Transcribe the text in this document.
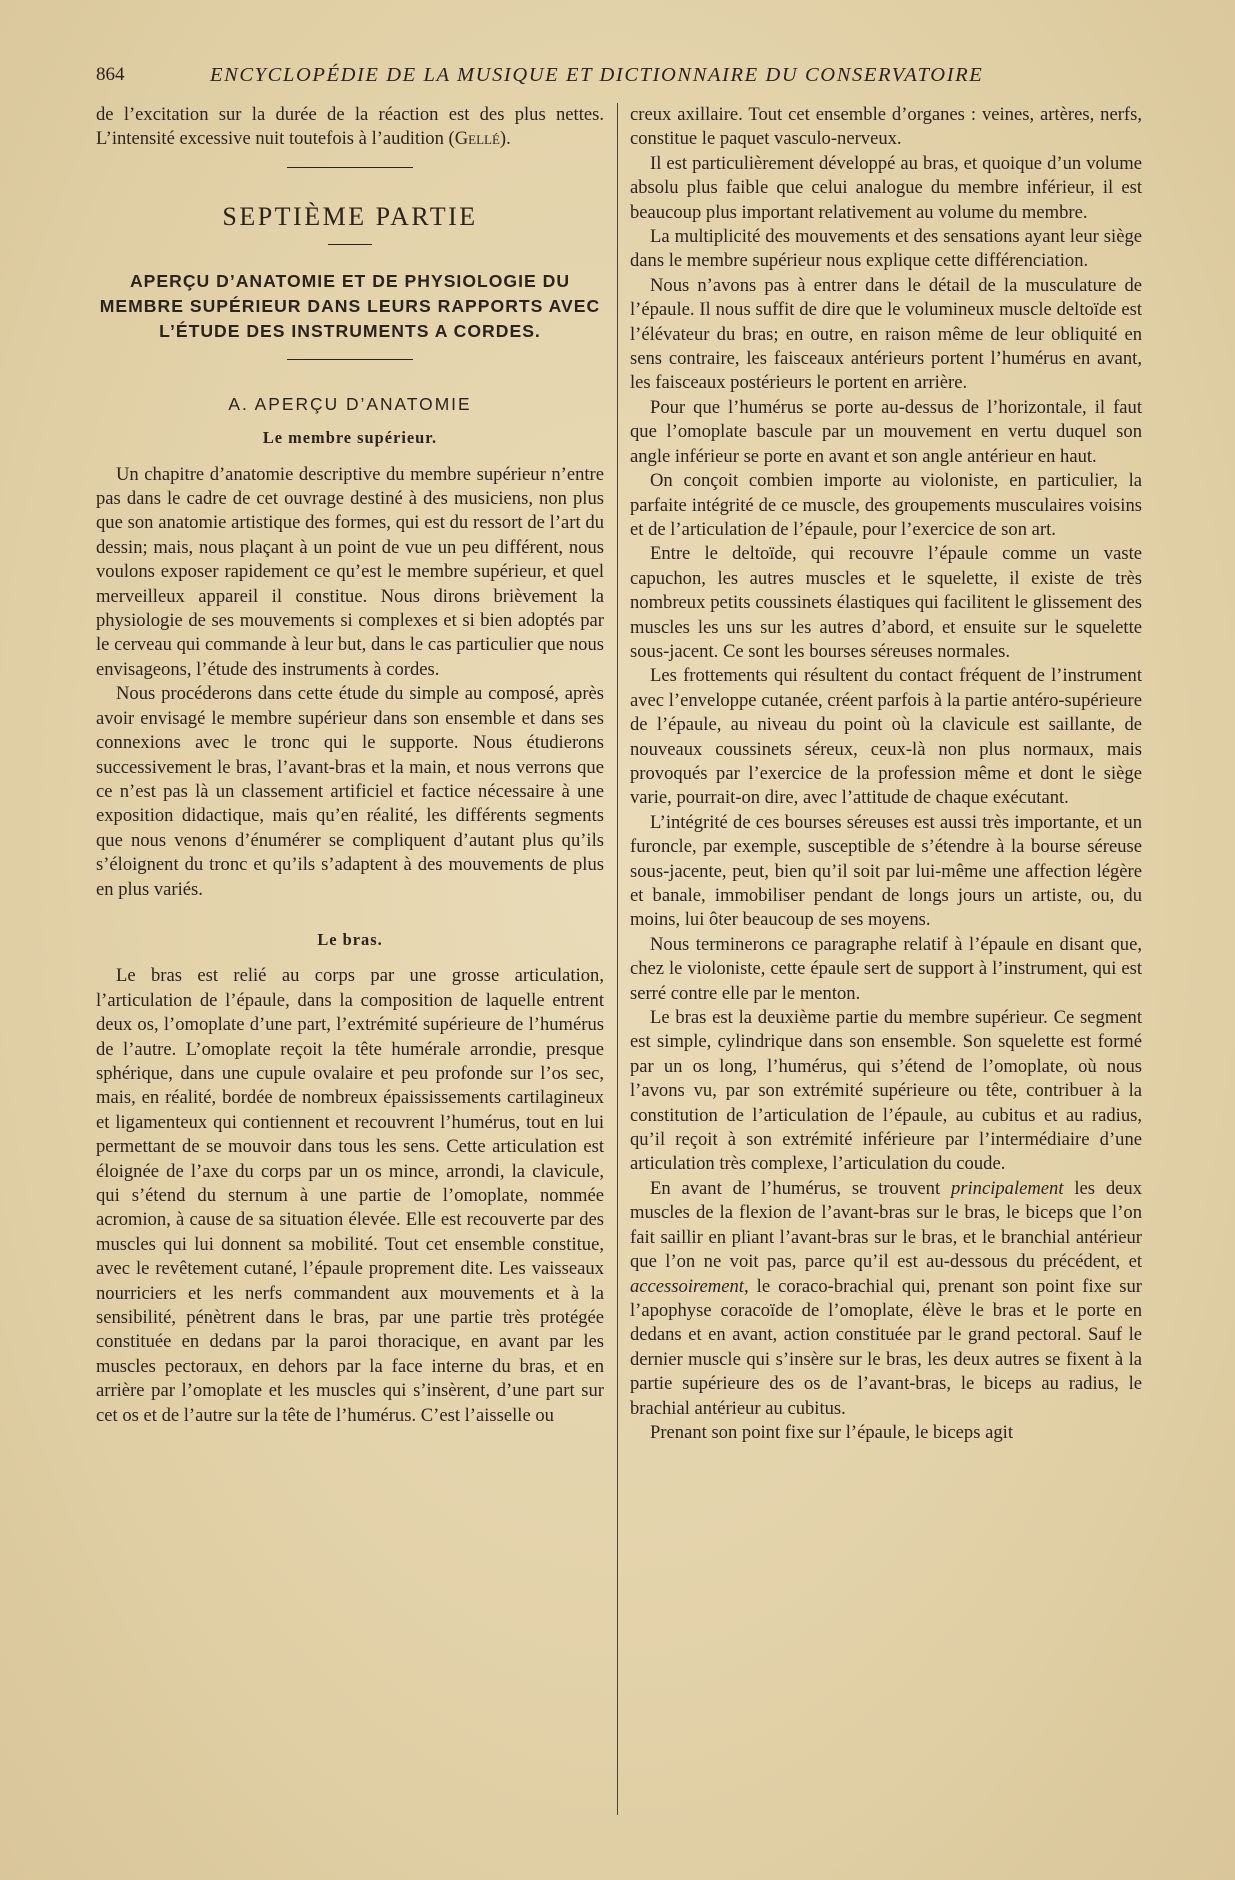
864	ENCYCLOPÉDIE DE LA MUSIQUE ET DICTIONNAIRE DU CONSERVATOIRE

de l’excitation sur la durée de la réaction est des plus nettes. L’intensité excessive nuit toutefois à l’audition (Gellé).

SEPTIÈME PARTIE
APERÇU D’ANATOMIE ET DE PHYSIOLOGIE DU MEMBRE SUPÉRIEUR DANS LEURS RAPPORTS AVEC L’ÉTUDE DES INSTRUMENTS A CORDES.
A. APERÇU D’ANATOMIE
Le membre supérieur.

Un chapitre d’anatomie descriptive du membre supérieur n’entre pas dans le cadre de cet ouvrage destiné à des musiciens, non plus que son anatomie artistique des formes, qui est du ressort de l’art du dessin; mais, nous plaçant à un point de vue un peu différent, nous voulons exposer rapidement ce qu’est le membre supérieur, et quel merveilleux appareil il constitue. Nous dirons brièvement la physiologie de ses mouvements si complexes et si bien adoptés par le cerveau qui commande à leur but, dans le cas particulier que nous envisageons, l’étude des instruments à cordes.

Nous procéderons dans cette étude du simple au composé, après avoir envisagé le membre supérieur dans son ensemble et dans ses connexions avec le tronc qui le supporte. Nous étudierons successivement le bras, l’avant-bras et la main, et nous verrons que ce n’est pas là un classement artificiel et factice nécessaire à une exposition didactique, mais qu’en réalité, les différents segments que nous venons d’énumérer se compliquent d’autant plus qu’ils s’éloignent du tronc et qu’ils s’adaptent à des mouvements de plus en plus variés.

Le bras.

Le bras est relié au corps par une grosse articulation, l’articulation de l’épaule, dans la composition de laquelle entrent deux os, l’omoplate d’une part, l’extrémité supérieure de l’humérus de l’autre. L’omoplate reçoit la tête humérale arrondie, presque sphérique, dans une cupule ovalaire et peu profonde sur l’os sec, mais, en réalité, bordée de nombreux épaississements cartilagineux et ligamenteux qui contiennent et recouvrent l’humérus, tout en lui permettant de se mouvoir dans tous les sens. Cette articulation est éloignée de l’axe du corps par un os mince, arrondi, la clavicule, qui s’étend du sternum à une partie de l’omoplate, nommée acromion, à cause de sa situation élevée. Elle est recouverte par des muscles qui lui donnent sa mobilité. Tout cet ensemble constitue, avec le revêtement cutané, l’épaule proprement dite. Les vaisseaux nourriciers et les nerfs commandent aux mouvements et à la sensibilité, pénètrent dans le bras, par une partie très protégée constituée en dedans par la paroi thoracique, en avant par les muscles pectoraux, en dehors par la face interne du bras, et en arrière par l’omoplate et les muscles qui s’insèrent, d’une part sur cet os et de l’autre sur la tête de l’humérus. C’est l’aisselle ou

creux axillaire. Tout cet ensemble d’organes : veines, artères, nerfs, constitue le paquet vasculo-nerveux.

Il est particulièrement développé au bras, et quoique d’un volume absolu plus faible que celui analogue du membre inférieur, il est beaucoup plus important relativement au volume du membre.

La multiplicité des mouvements et des sensations ayant leur siège dans le membre supérieur nous explique cette différenciation.

Nous n’avons pas à entrer dans le détail de la musculature de l’épaule. Il nous suffit de dire que le volumineux muscle deltoïde est l’élévateur du bras; en outre, en raison même de leur obliquité en sens contraire, les faisceaux antérieurs portent l’humérus en avant, les faisceaux postérieurs le portent en arrière.

Pour que l’humérus se porte au-dessus de l’horizontale, il faut que l’omoplate bascule par un mouvement en vertu duquel son angle inférieur se porte en avant et son angle antérieur en haut.

On conçoit combien importe au violoniste, en particulier, la parfaite intégrité de ce muscle, des groupements musculaires voisins et de l’articulation de l’épaule, pour l’exercice de son art.

Entre le deltoïde, qui recouvre l’épaule comme un vaste capuchon, les autres muscles et le squelette, il existe de très nombreux petits coussinets élastiques qui facilitent le glissement des muscles les uns sur les autres d’abord, et ensuite sur le squelette sous-jacent. Ce sont les bourses séreuses normales.

Les frottements qui résultent du contact fréquent de l’instrument avec l’enveloppe cutanée, créent parfois à la partie antéro-supérieure de l’épaule, au niveau du point où la clavicule est saillante, de nouveaux coussinets séreux, ceux-là non plus normaux, mais provoqués par l’exercice de la profession même et dont le siège varie, pourrait-on dire, avec l’attitude de chaque exécutant.

L’intégrité de ces bourses séreuses est aussi très importante, et un furoncle, par exemple, susceptible de s’étendre à la bourse séreuse sous-jacente, peut, bien qu’il soit par lui-même une affection légère et banale, immobiliser pendant de longs jours un artiste, ou, du moins, lui ôter beaucoup de ses moyens.

Nous terminerons ce paragraphe relatif à l’épaule en disant que, chez le violoniste, cette épaule sert de support à l’instrument, qui est serré contre elle par le menton.

Le bras est la deuxième partie du membre supérieur. Ce segment est simple, cylindrique dans son ensemble. Son squelette est formé par un os long, l’humérus, qui s’étend de l’omoplate, où nous l’avons vu, par son extrémité supérieure ou tête, contribuer à la constitution de l’articulation de l’épaule, au cubitus et au radius, qu’il reçoit à son extrémité inférieure par l’intermédiaire d’une articulation très complexe, l’articulation du coude.

En avant de l’humérus, se trouvent principalement les deux muscles de la flexion de l’avant-bras sur le bras, le biceps que l’on fait saillir en pliant l’avant-bras sur le bras, et le branchial antérieur que l’on ne voit pas, parce qu’il est au-dessous du précédent, et accessoirement, le coraco-brachial qui, prenant son point fixe sur l’apophyse coracoïde de l’omoplate, élève le bras et le porte en dedans et en avant, action constituée par le grand pectoral. Sauf le dernier muscle qui s’insère sur le bras, les deux autres se fixent à la partie supérieure des os de l’avant-bras, le biceps au radius, le brachial antérieur au cubitus.

Prenant son point fixe sur l’épaule, le biceps agit
